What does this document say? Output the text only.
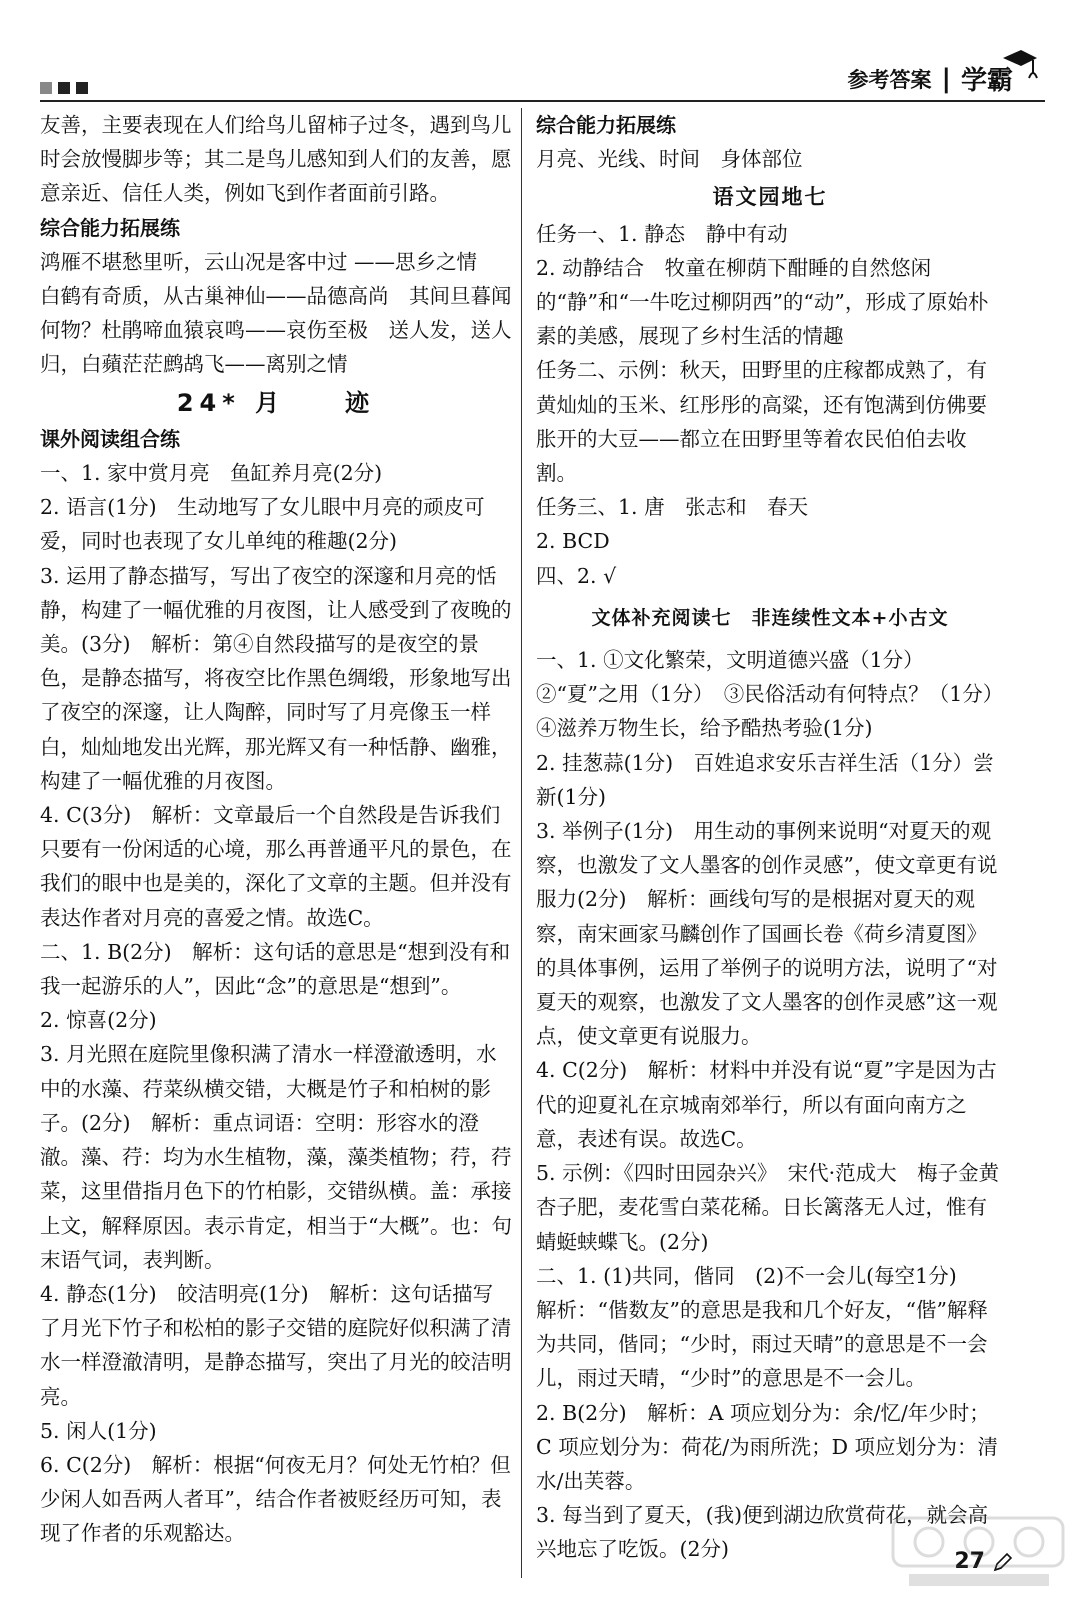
参考答案 | 学霸

友善，主要表现在人们给鸟儿留柿子过冬，遇到鸟儿时会放慢脚步等；其二是鸟儿感知到人们的友善，愿意亲近、信任人类，例如飞到作者面前引路。

综合能力拓展练

鸿雁不堪愁里听，云山况是客中过 ——思乡之情

白鹤有奇质，从古巢神仙——品德高尚　其间旦暮闻何物？杜鹃啼血猿哀鸣——哀伤至极　送人发，送人归，白蘋茫茫鹧鸪飞——离别之情

24* 月　　迹
课外阅读组合练

一、1. 家中赏月亮　鱼缸养月亮(2分)

2. 语言(1分)　生动地写了女儿眼中月亮的顽皮可爱，同时也表现了女儿单纯的稚趣(2分)

3. 运用了静态描写，写出了夜空的深邃和月亮的恬静，构建了一幅优雅的月夜图，让人感受到了夜晚的美。(3分)　解析：第④自然段描写的是夜空的景色，是静态描写，将夜空比作黑色绸缎，形象地写出了夜空的深邃，让人陶醉，同时写了月亮像玉一样白，灿灿地发出光辉，那光辉又有一种恬静、幽雅，构建了一幅优雅的月夜图。

4. C(3分)　解析：文章最后一个自然段是告诉我们只要有一份闲适的心境，那么再普通平凡的景色，在我们的眼中也是美的，深化了文章的主题。但并没有表达作者对月亮的喜爱之情。故选C。

二、1. B(2分)　解析：这句话的意思是“想到没有和我一起游乐的人”，因此“念”的意思是“想到”。

2. 惊喜(2分)

3. 月光照在庭院里像积满了清水一样澄澈透明，水中的水藻、荇菜纵横交错，大概是竹子和柏树的影子。(2分)　解析：重点词语：空明：形容水的澄澈。藻、荇：均为水生植物，藻，藻类植物；荇，荇菜，这里借指月色下的竹柏影，交错纵横。盖：承接上文，解释原因。表示肯定，相当于“大概”。也：句末语气词，表判断。

4. 静态(1分)　皎洁明亮(1分)　解析：这句话描写了月光下竹子和松柏的影子交错的庭院好似积满了清水一样澄澈清明，是静态描写，突出了月光的皎洁明亮。

5. 闲人(1分)

6. C(2分)　解析：根据“何夜无月？何处无竹柏？但少闲人如吾两人者耳”，结合作者被贬经历可知，表现了作者的乐观豁达。

综合能力拓展练

月亮、光线、时间　身体部位

语文园地七

任务一、1. 静态　静中有动

2. 动静结合　牧童在柳荫下酣睡的自然悠闲的“静”和“一牛吃过柳阴西”的“动”，形成了原始朴素的美感，展现了乡村生活的情趣

任务二、示例：秋天，田野里的庄稼都成熟了，有黄灿灿的玉米、红彤彤的高粱，还有饱满到仿佛要胀开的大豆——都立在田野里等着农民伯伯去收割。

任务三、1. 唐　张志和　春天

2. BCD

四、2. √

文体补充阅读七　非连续性文本+小古文

一、1. ①文化繁荣，文明道德兴盛（1分）　②“夏”之用（1分）　③民俗活动有何特点？（1分）　④滋养万物生长，给予酷热考验(1分)

2. 挂葱蒜(1分)　百姓追求安乐吉祥生活（1分）尝新(1分)

3. 举例子(1分)　用生动的事例来说明“对夏天的观察，也激发了文人墨客的创作灵感”，使文章更有说服力(2分)　解析：画线句写的是根据对夏天的观察，南宋画家马麟创作了国画长卷《荷乡清夏图》的具体事例，运用了举例子的说明方法，说明了“对夏天的观察，也激发了文人墨客的创作灵感”这一观点，使文章更有说服力。

4. C(2分)　解析：材料中并没有说“夏”字是因为古代的迎夏礼在京城南郊举行，所以有面向南方之意，表述有误。故选C。

5. 示例：《四时田园杂兴》　宋代·范成大　梅子金黄杏子肥，麦花雪白菜花稀。日长篱落无人过，惟有蜻蜓蛱蝶飞。(2分)

二、1. (1)共同，偕同　(2)不一会儿(每空1分)

解析：“偕数友”的意思是我和几个好友，“偕”解释为共同，偕同；“少时，雨过天晴”的意思是不一会儿，雨过天晴，“少时”的意思是不一会儿。

2. B(2分)　解析：A 项应划分为：余/忆/年少时；C 项应划分为：荷花/为雨所洗；D 项应划分为：清水/出芙蓉。

3. 每当到了夏天，(我)便到湖边欣赏荷花，就会高兴地忘了吃饭。(2分)	27
